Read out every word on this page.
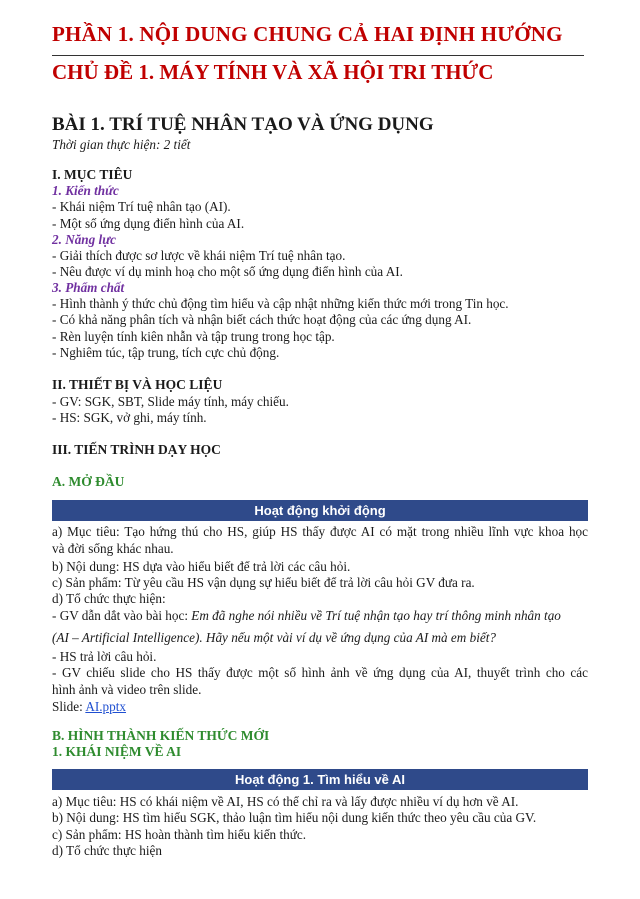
PHẦN 1. NỘI DUNG CHUNG CẢ HAI ĐỊNH HƯỚNG
CHỦ ĐỀ 1. MÁY TÍNH VÀ XÃ HỘI TRI THỨC
BÀI 1. TRÍ TUỆ NHÂN TẠO VÀ ỨNG DỤNG
Thời gian thực hiện: 2 tiết
I. MỤC TIÊU
1. Kiến thức
- Khái niệm Trí tuệ nhân tạo (AI).
- Một số ứng dụng điển hình của AI.
2. Năng lực
- Giải thích được sơ lược về khái niệm Trí tuệ nhân tạo.
- Nêu được ví dụ minh hoạ cho một số ứng dụng điển hình của AI.
3. Phẩm chất
- Hình thành ý thức chủ động tìm hiểu và cập nhật những kiến thức mới trong Tin học.
- Có khả năng phân tích và nhận biết cách thức hoạt động của các ứng dụng AI.
- Rèn luyện tính kiên nhẫn và tập trung trong học tập.
- Nghiêm túc, tập trung, tích cực chủ động.
II. THIẾT BỊ VÀ HỌC LIỆU
- GV: SGK, SBT, Slide máy tính, máy chiếu.
- HS: SGK, vở ghi, máy tính.
III. TIẾN TRÌNH DẠY HỌC
A. MỞ ĐẦU
Hoạt động khởi động
a) Mục tiêu: Tạo hứng thú cho HS, giúp HS thấy được AI có mặt trong nhiều lĩnh vực khoa học
và đời sống khác nhau.
b) Nội dung: HS dựa vào hiểu biết để trả lời các câu hỏi.
c) Sản phẩm: Từ yêu cầu HS vận dụng sự hiểu biết để trả lời câu hỏi GV đưa ra.
d) Tổ chức thực hiện:
- GV dẫn dắt vào bài học: Em đã nghe nói nhiều về Trí tuệ nhận tạo hay trí thông minh nhân tạo
(AI – Artificial Intelligence). Hãy nếu một vài ví dụ về ứng dụng của AI mà em biết?
- HS trả lời câu hỏi.
- GV chiếu slide cho HS thấy được một số hình ảnh về ứng dụng của AI, thuyết trình cho các
hình ảnh và video trên slide.
Slide: AI.pptx
B. HÌNH THÀNH KIẾN THỨC MỚI
1. KHÁI NIỆM VỀ AI
Hoạt động 1. Tìm hiểu về AI
a) Mục tiêu: HS có khái niệm về AI, HS có thể chỉ ra và lấy được nhiều ví dụ hơn về AI.
b) Nội dung: HS tìm hiểu SGK, thảo luận tìm hiểu nội dung kiến thức theo yêu cầu của GV.
c) Sản phẩm: HS hoàn thành tìm hiểu kiến thức.
d) Tổ chức thực hiện
